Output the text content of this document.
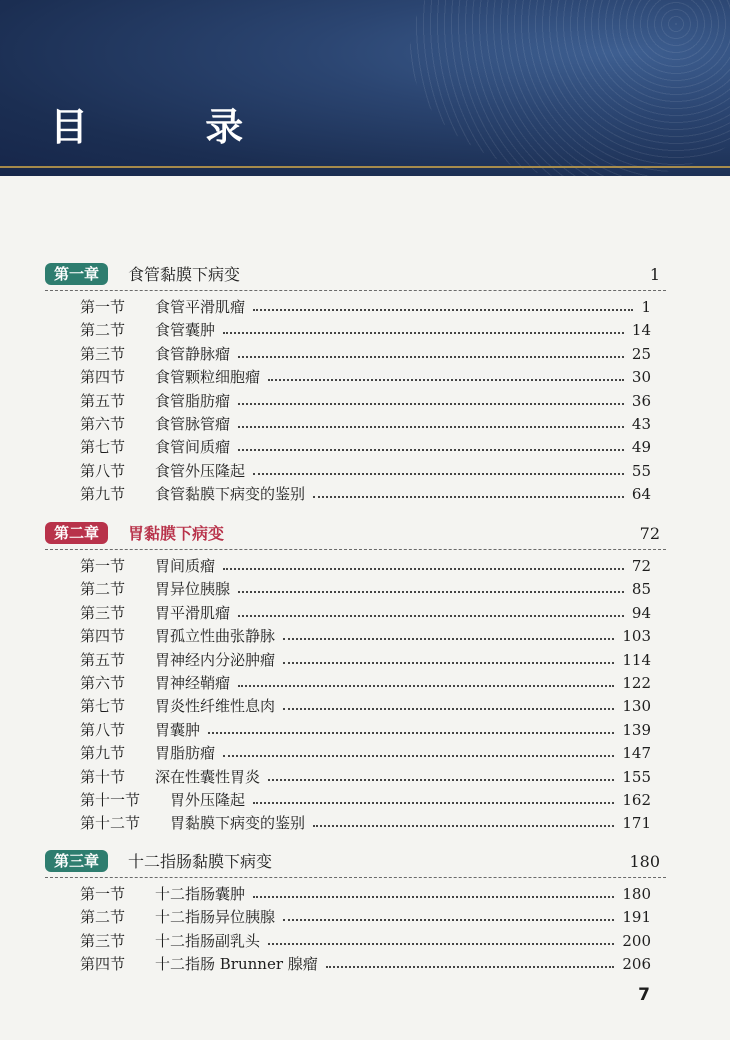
目 录
第一章	食管黏膜下病变	1
第一节 食管平滑肌瘤	1
第二节 食管囊肿	14
第三节 食管静脉瘤	25
第四节 食管颗粒细胞瘤	30
第五节 食管脂肪瘤	36
第六节 食管脉管瘤	43
第七节 食管间质瘤	49
第八节 食管外压隆起	55
第九节 食管黏膜下病变的鉴别	64
第二章	胃黏膜下病变	72
第一节 胃间质瘤	72
第二节 胃异位胰腺	85
第三节 胃平滑肌瘤	94
第四节 胃孤立性曲张静脉	103
第五节 胃神经内分泌肿瘤	114
第六节 胃神经鞘瘤	122
第七节 胃炎性纤维性息肉	130
第八节 胃囊肿	139
第九节 胃脂肪瘤	147
第十节 深在性囊性胃炎	155
第十一节 胃外压隆起	162
第十二节 胃黏膜下病变的鉴别	171
第三章	十二指肠黏膜下病变	180
第一节 十二指肠囊肿	180
第二节 十二指肠异位胰腺	191
第三节 十二指肠副乳头	200
第四节 十二指肠 Brunner 腺瘤	206
7
